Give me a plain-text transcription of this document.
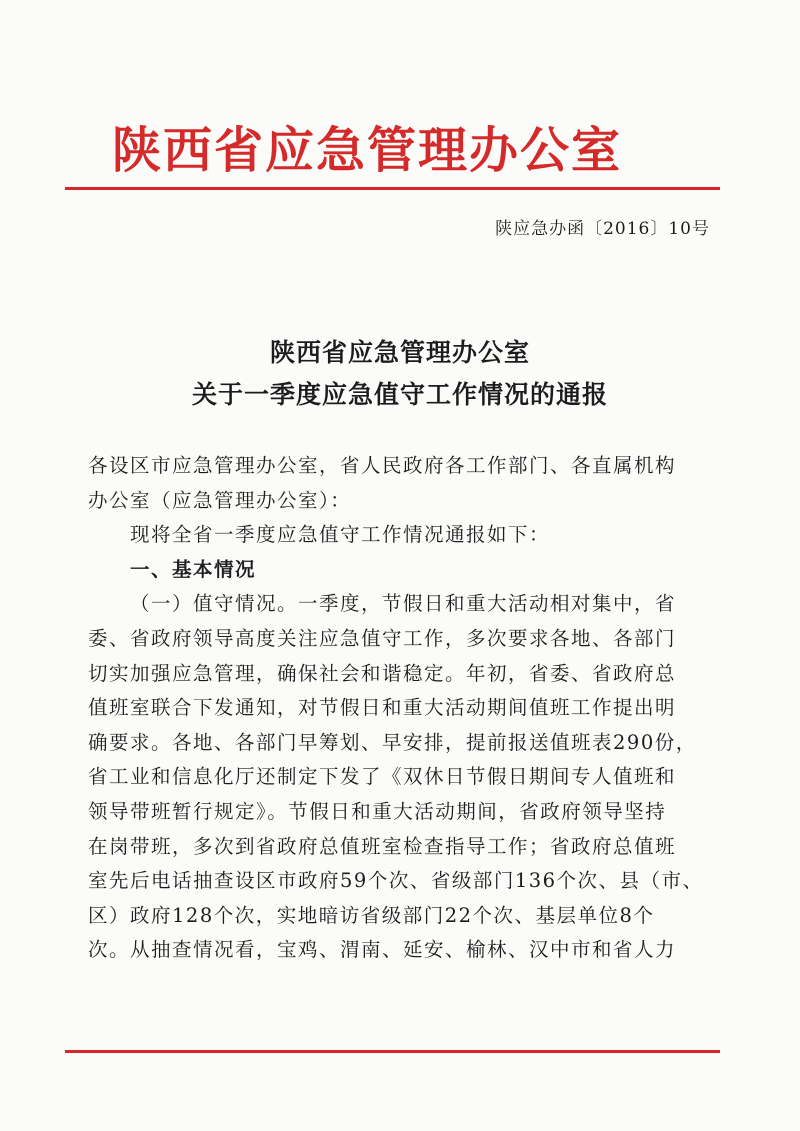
陕西省应急管理办公室
陕应急办函〔2016〕10号
陕西省应急管理办公室
关于一季度应急值守工作情况的通报
各设区市应急管理办公室，省人民政府各工作部门、各直属机构
办公室（应急管理办公室）：
现将全省一季度应急值守工作情况通报如下：
一、基本情况
（一）值守情况。一季度，节假日和重大活动相对集中，省
委、省政府领导高度关注应急值守工作，多次要求各地、各部门
切实加强应急管理，确保社会和谐稳定。年初，省委、省政府总
值班室联合下发通知，对节假日和重大活动期间值班工作提出明
确要求。各地、各部门早筹划、早安排，提前报送值班表290份，
省工业和信息化厅还制定下发了《双休日节假日期间专人值班和
领导带班暂行规定》。节假日和重大活动期间，省政府领导坚持
在岗带班，多次到省政府总值班室检查指导工作；省政府总值班
室先后电话抽查设区市政府59个次、省级部门136个次、县（市、
区）政府128个次，实地暗访省级部门22个次、基层单位8个
次。从抽查情况看，宝鸡、渭南、延安、榆林、汉中市和省人力
